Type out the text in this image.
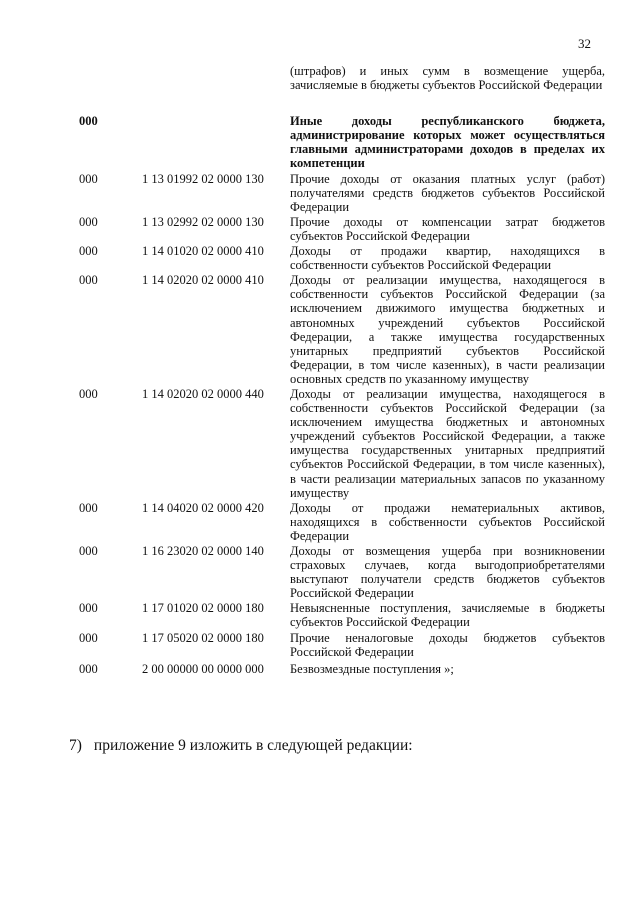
32
(штрафов) и иных сумм в возмещение ущерба, зачисляемые в бюджеты субъектов Российской Федерации
000	Иные доходы республиканского бюджета, администрирование которых может осуществляться главными администраторами доходов в пределах их компетенции
000	1 13 01992 02 0000 130 Прочие доходы от оказания платных услуг (работ) получателями средств бюджетов субъектов Российской Федерации
000	1 13 02992 02 0000 130 Прочие доходы от компенсации затрат бюджетов субъектов Российской Федерации
000	1 14 01020 02 0000 410 Доходы от продажи квартир, находящихся в собственности субъектов Российской Федерации
000	1 14 02020 02 0000 410 Доходы от реализации имущества, находящегося в собственности субъектов Российской Федерации (за исключением движимого имущества бюджетных и автономных учреждений субъектов Российской Федерации, а также имущества государственных унитарных предприятий субъектов Российской Федерации, в том числе казенных), в части реализации основных средств по указанному имуществу
000	1 14 02020 02 0000 440 Доходы от реализации имущества, находящегося в собственности субъектов Российской Федерации (за исключением имущества бюджетных и автономных учреждений субъектов Российской Федерации, а также имущества государственных унитарных предприятий субъектов Российской Федерации, в том числе казенных), в части реализации материальных запасов по указанному имуществу
000	1 14 04020 02 0000 420 Доходы от продажи нематериальных активов, находящихся в собственности субъектов Российской Федерации
000	1 16 23020 02 0000 140 Доходы от возмещения ущерба при возникновении страховых случаев, когда выгодоприобретателями выступают получатели средств бюджетов субъектов Российской Федерации
000	1 17 01020 02 0000 180 Невыясненные поступления, зачисляемые в бюджеты субъектов Российской Федерации
000	1 17 05020 02 0000 180 Прочие неналоговые доходы бюджетов субъектов Российской Федерации
000	2 00 00000 00 0000 000 Безвозмездные поступления »;
7) приложение 9 изложить в следующей редакции:
